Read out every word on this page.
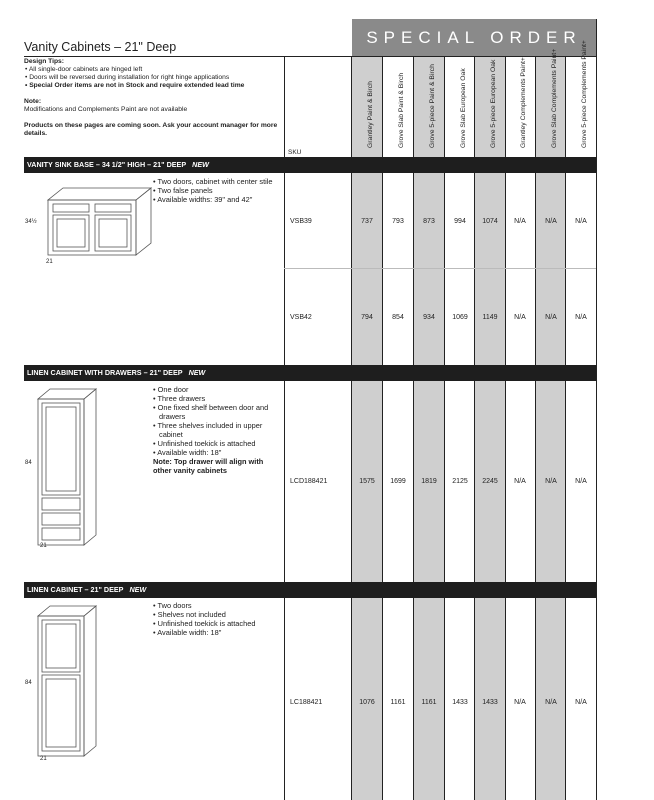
SPECIAL ORDER
Vanity Cabinets – 21" Deep
Design Tips:
• All single-door cabinets are hinged left
• Doors will be reversed during installation for right hinge applications
• Special Order items are not in Stock and require extended lead time
Note:
Modifications and Complements Paint are not available
Products on these pages are coming soon. Ask your account manager for more details.
SKU
Grantley Paint & Birch	Grove Slab Paint & Birch	Grove 5-piece Paint & Birch	Grove Slab European Oak	Grove 5-piece European Oak	Grantley Complements Paint+	Grove Slab Complements Paint+	Grove 5-piece Complements Paint+
VANITY SINK BASE – 34 1/2" HIGH – 21" DEEP NEW
34½
21
• Two doors, cabinet with center stile
• Two false panels
• Available widths: 39" and 42"
VSB39	737	793	873	994	1074	N/A	N/A	N/A
VSB42	794	854	934	1069	1149	N/A	N/A	N/A
LINEN CABINET WITH DRAWERS – 21" DEEP NEW
84
21
• One door
• Three drawers
• One fixed shelf between door and drawers
• Three shelves included in upper cabinet
• Unfinished toekick is attached
• Available width: 18"
Note: Top drawer will align with other vanity cabinets
LCD188421	1575	1699	1819	2125	2245	N/A	N/A	N/A
LINEN CABINET – 21" DEEP NEW
84
21
• Two doors
• Shelves not included
• Unfinished toekick is attached
• Available width: 18"
LC188421	1076	1161	1161	1433	1433	N/A	N/A	N/A
